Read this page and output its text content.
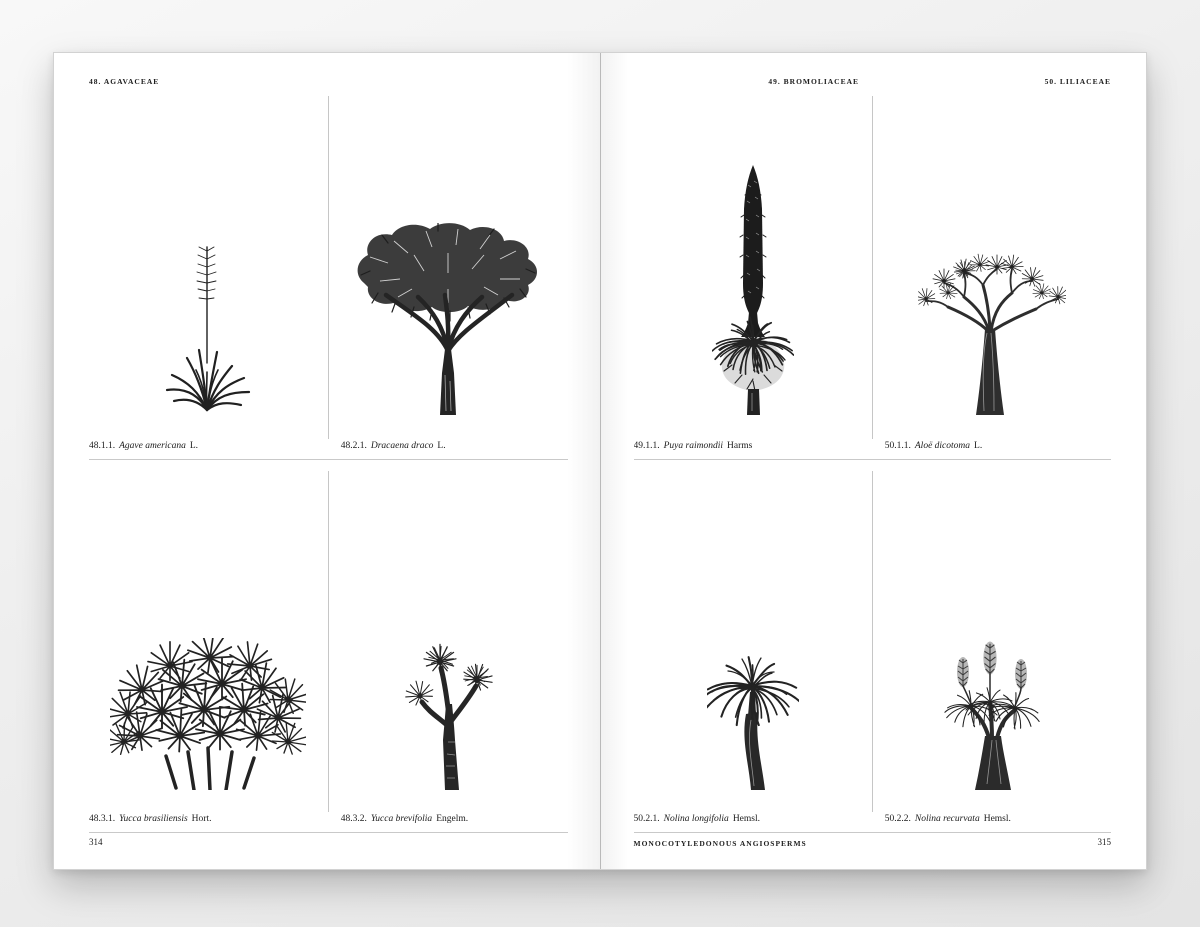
48. AGAVACEAE
48.1.1. Agave americana L.	48.2.1. Dracaena draco L.
48.3.1. Yucca brasiliensis Hort.	48.3.2. Yucca brevifolia Engelm.
314
49. BROMOLIACEAE	50. LILIACEAE
49.1.1. Puya raimondii Harms	50.1.1. Aloë dicotoma L.
50.2.1. Nolina longifolia Hemsl.	50.2.2. Nolina recurvata Hemsl.
MONOCOTYLEDONOUS ANGIOSPERMS	315
